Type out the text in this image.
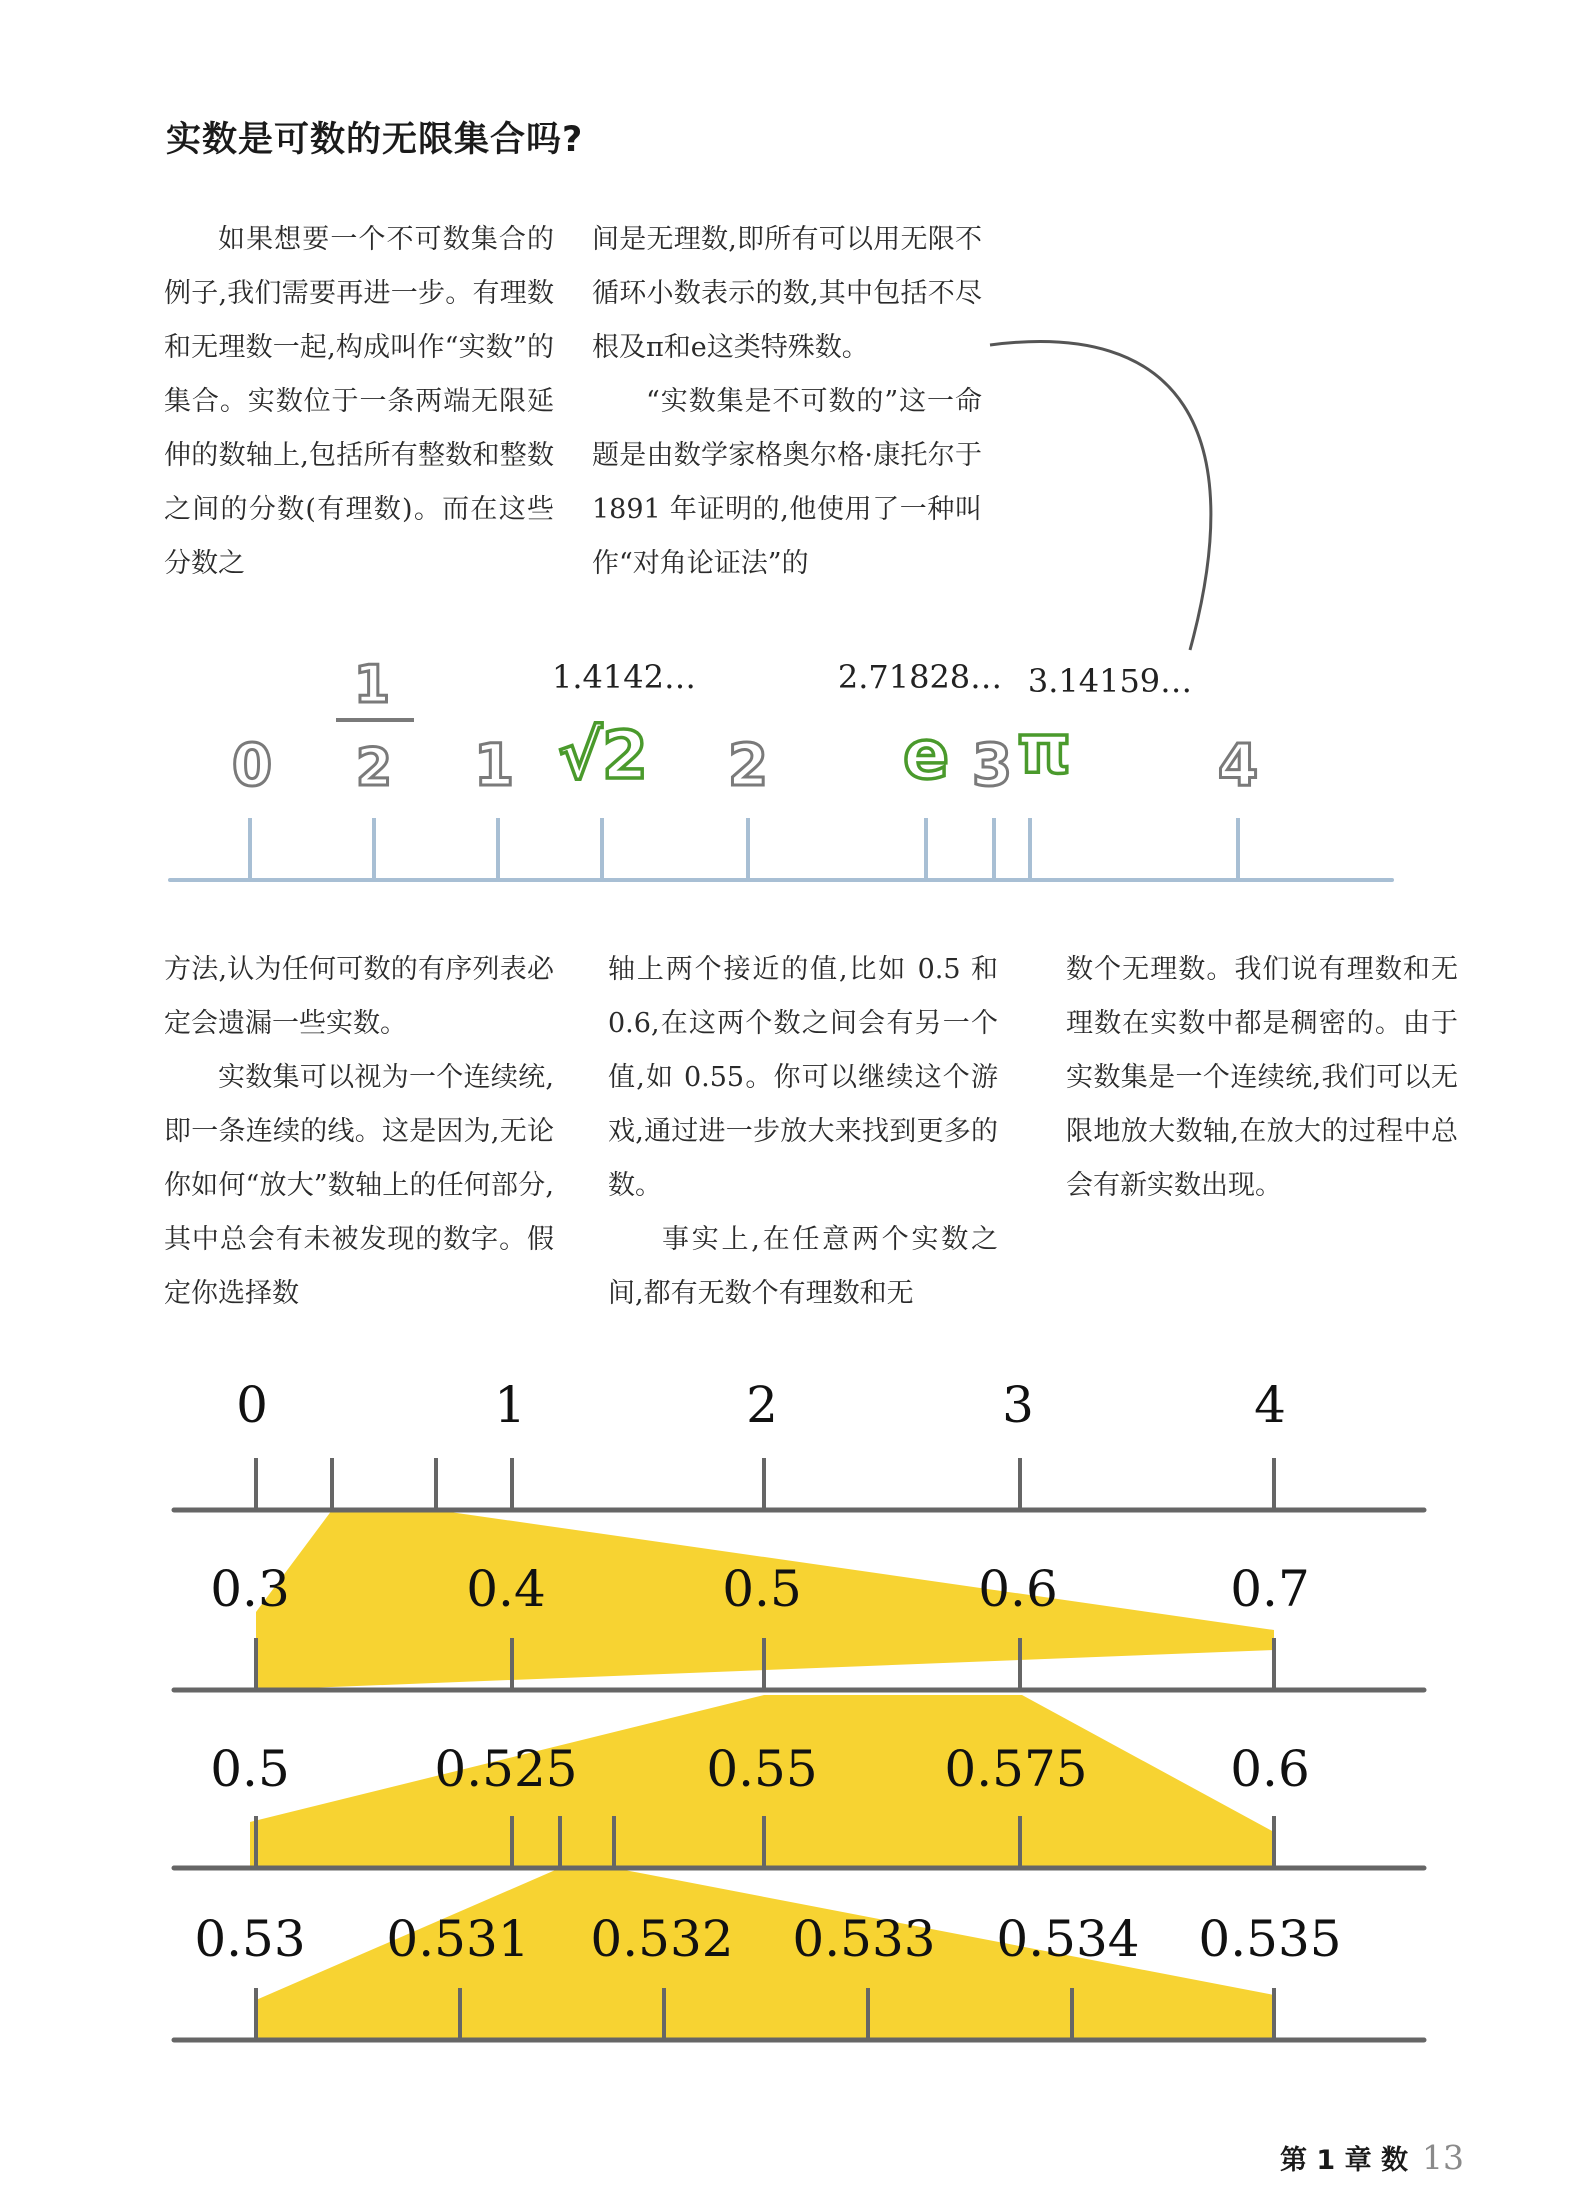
实数是可数的无限集合吗?

如果想要一个不可数集合的例子,我们需要再进一步。有理数和无理数一起,构成叫作“实数”的集合。实数位于一条两端无限延伸的数轴上,包括所有整数和整数之间的分数(有理数)。而在这些分数之

间是无理数,即所有可以用无限不循环小数表示的数,其中包括不尽根及π和e这类特殊数。

“实数集是不可数的”这一命题是由数学家格奥尔格·康托尔于 1891 年证明的,他使用了一种叫作“对角论证法”的

方法,认为任何可数的有序列表必定会遗漏一些实数。

实数集可以视为一个连续统,即一条连续的线。这是因为,无论你如何“放大”数轴上的任何部分,其中总会有未被发现的数字。假定你选择数

轴上两个接近的值,比如 0.5 和 0.6,在这两个数之间会有另一个值,如 0.55。你可以继续这个游戏,通过进一步放大来找到更多的数。

事实上,在任意两个实数之间,都有无数个有理数和无

数个无理数。我们说有理数和无理数在实数中都是稠密的。由于实数集是一个连续统,我们可以无限地放大数轴,在放大的过程中总会有新实数出现。

0
1
2 1 √2 2 e 3 π	4
1.4142…	2.71828… 3.14159…
0	1	2	3	4
0.3	0.4	0.5	0.6	0.7
0.5	0.525	0.55	0.575	0.6
0.53 0.531 0.532 0.533 0.534 0.535
第 1 章 数 13
